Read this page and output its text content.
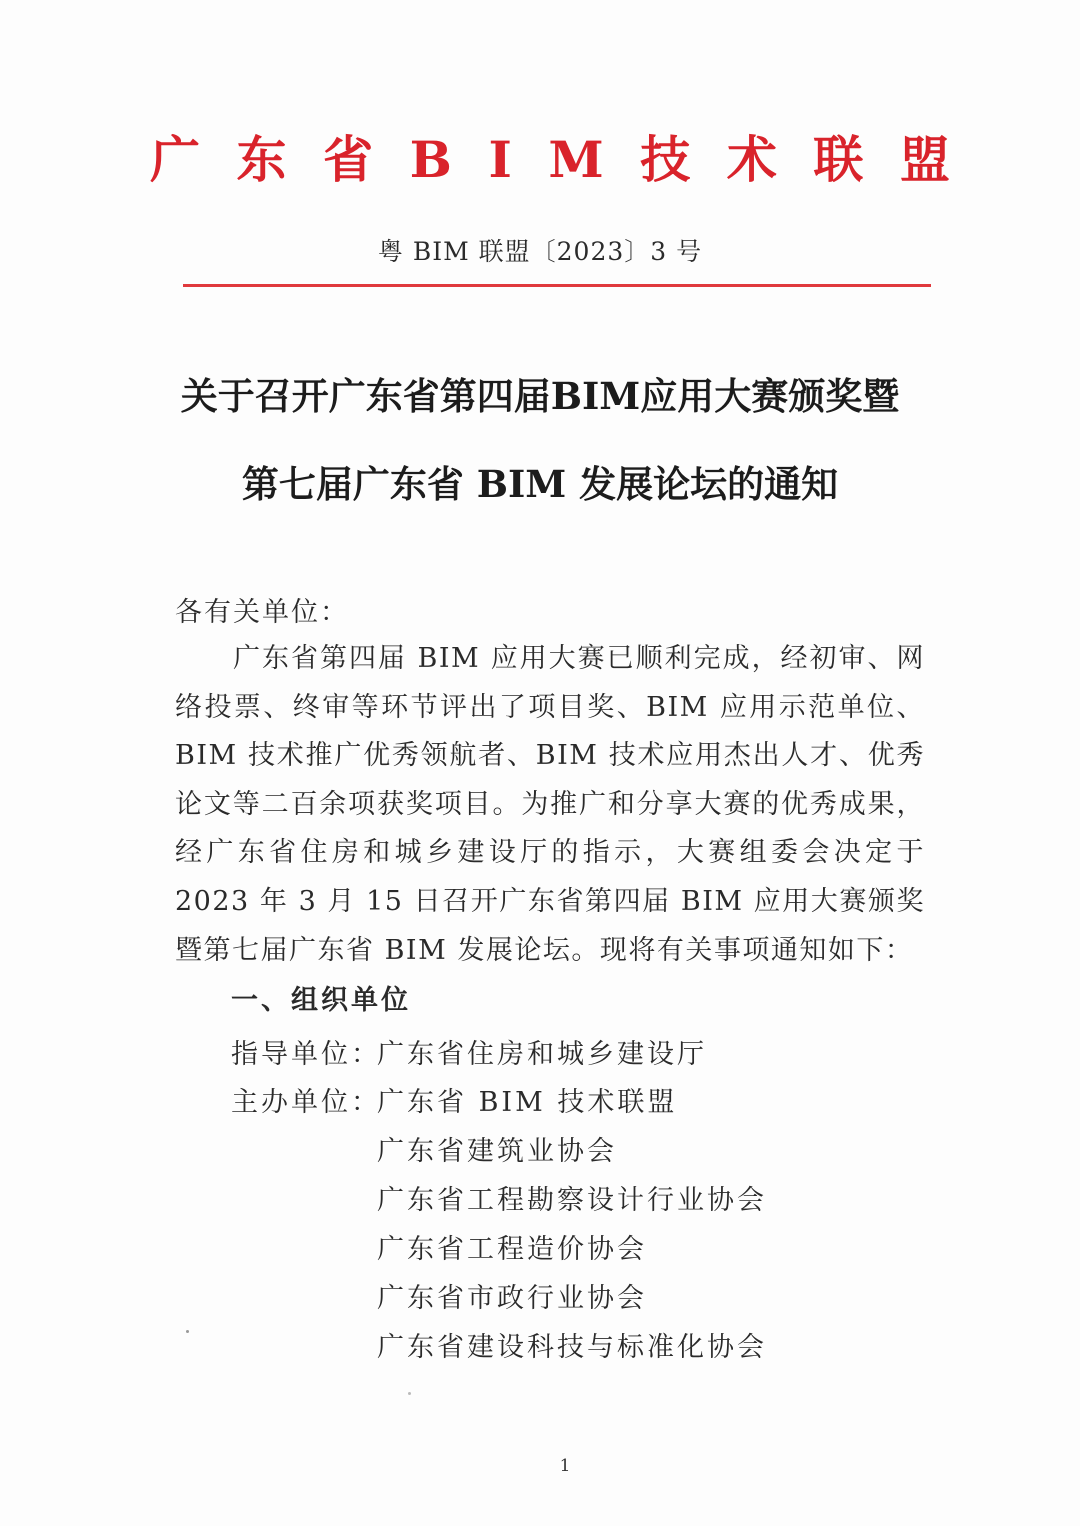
广 东 省 B I M 技 术 联 盟
粤 BIM 联盟〔2023〕3 号
关于召开广东省第四届BIM应用大赛颁奖暨
第七届广东省 BIM 发展论坛的通知
各有关单位：
广东省第四届 BIM 应用大赛已顺利完成，经初审、网络投票、终审等环节评出了项目奖、BIM 应用示范单位、BIM 技术推广优秀领航者、BIM 技术应用杰出人才、优秀论文等二百余项获奖项目。为推广和分享大赛的优秀成果，经广东省住房和城乡建设厅的指示，大赛组委会决定于 2023 年 3 月 15 日召开广东省第四届 BIM 应用大赛颁奖暨第七届广东省 BIM 发展论坛。现将有关事项通知如下：
一、组织单位
指导单位：广东省住房和城乡建设厅
主办单位：广东省 BIM 技术联盟
广东省建筑业协会
广东省工程勘察设计行业协会
广东省工程造价协会
广东省市政行业协会
广东省建设科技与标准化协会
1
